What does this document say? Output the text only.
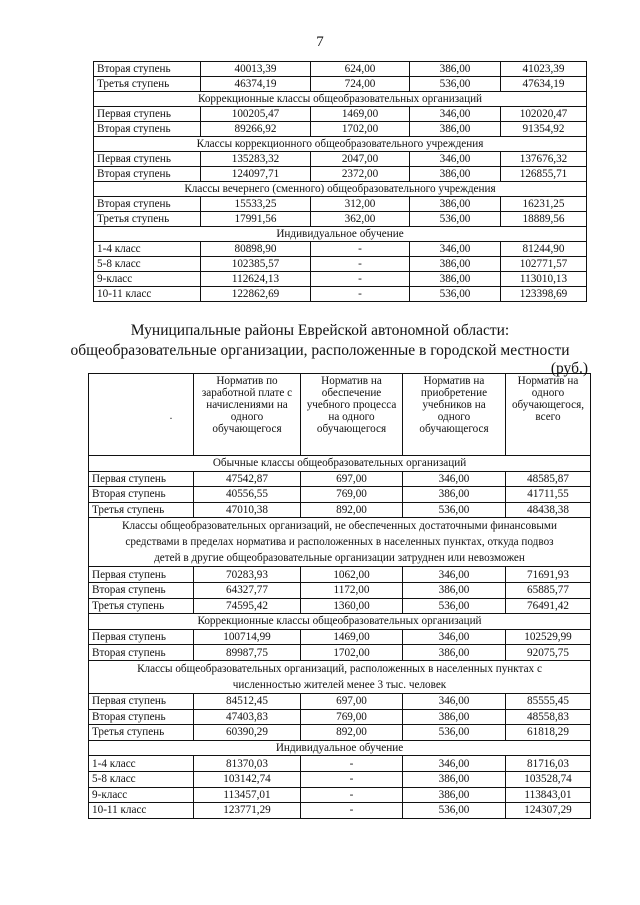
7
Вторая ступень	40013,39	624,00	386,00	41023,39
Третья ступень	46374,19	724,00	536,00	47634,19
Коррекционные классы общеобразовательных организаций				
Первая ступень	100205,47	1469,00	346,00	102020,47
Вторая ступень	89266,92	1702,00	386,00	91354,92
Классы коррекционного общеобразовательного учреждения				
Первая ступень	135283,32	2047,00	346,00	137676,32
Вторая ступень	124097,71	2372,00	386,00	126855,71
Классы вечернего (сменного) общеобразовательного учреждения				
Вторая ступень	15533,25	312,00	386,00	16231,25
Третья ступень	17991,56	362,00	536,00	18889,56
Индивидуальное обучение				
1-4 класс	80898,90	-	346,00	81244,90
5-8 класс	102385,57	-	386,00	102771,57
9-класс	112624,13	-	386,00	113010,13
10-11 класс	122862,69	-	536,00	123398,69
Муниципальные районы Еврейской автономной области:
общеобразовательные организации, расположенные в городской местности
(руб.)
·	Норматив по заработной плате с начислениями на одного обучающегося	Норматив на обеспечение учебного процесса на одного обучающегося	Норматив на приобретение учебников на одного обучающегося	Норматив на одного обучающегося, всего
Обычные классы общеобразовательных организаций				
Первая ступень	47542,87	697,00	346,00	48585,87
Вторая ступень	40556,55	769,00	386,00	41711,55
Третья ступень	47010,38	892,00	536,00	48438,38

Классы общеобразовательных организаций, не обеспеченных достаточными финансовыми
средствами в пределах норматива и расположенных в населенных пунктах, откуда подвоз
детей в другие общеобразовательные организации затруднен или невозможен				

Первая ступень	70283,93	1062,00	346,00	71691,93
Вторая ступень	64327,77	1172,00	386,00	65885,77
Третья ступень	74595,42	1360,00	536,00	76491,42
Коррекционные классы общеобразовательных организаций				
Первая ступень	100714,99	1469,00	346,00	102529,99
Вторая ступень	89987,75	1702,00	386,00	92075,75

Классы общеобразовательных организаций, расположенных в населенных пунктах с
численностью жителей менее 3 тыс. человек				

Первая ступень	84512,45	697,00	346,00	85555,45
Вторая ступень	47403,83	769,00	386,00	48558,83
Третья ступень	60390,29	892,00	536,00	61818,29
Индивидуальное обучение				
1-4 класс	81370,03	-	346,00	81716,03
5-8 класс	103142,74	-	386,00	103528,74
9-класс	113457,01	-	386,00	113843,01
10-11 класс	123771,29	-	536,00	124307,29
